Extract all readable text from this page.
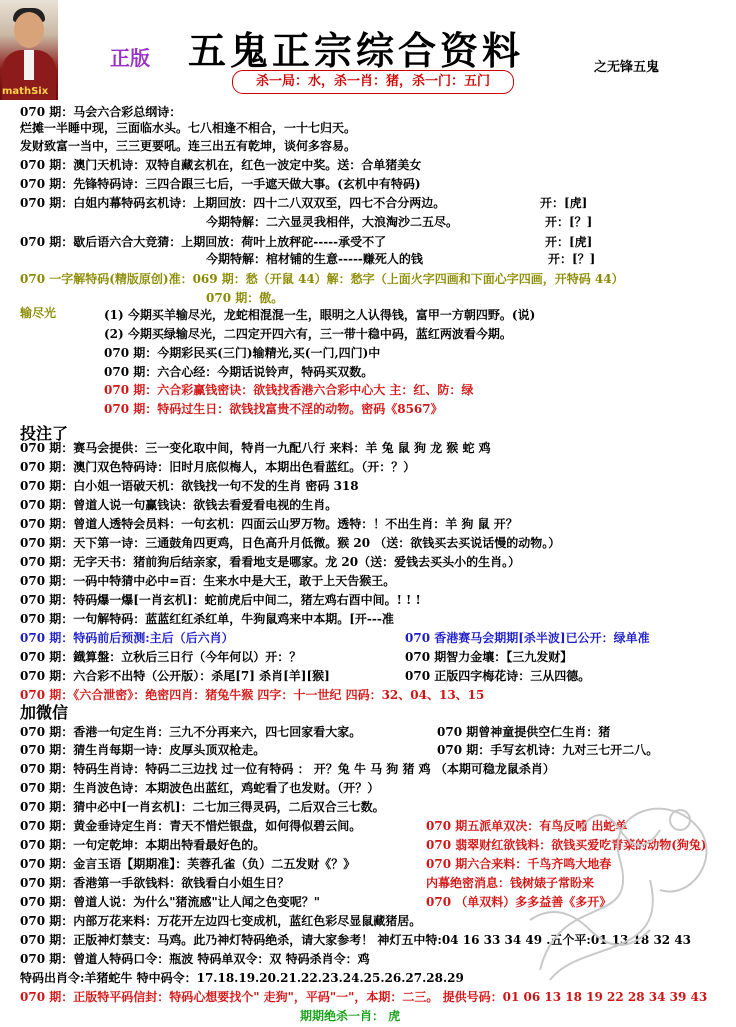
mathSix
正版 五鬼正宗综合资料	之无锋五鬼
杀一局：水，杀一肖：猪，杀一门：五门
070 期：马会六合彩总纲诗：
烂摊一半睡中现，三面临水头。七八相逢不相合，一十七归天。
发财致富一当中，三三更要吼。连三出五有乾坤，谈何多容易。
070 期：澳门天机诗：双特自藏玄机在，红色一波定中奖。送：合单猪美女
070 期：先锋特码诗：三四合跟三七后，一手遮天做大事。(玄机中有特码)
070 期：白姐内幕特码玄机诗：上期回放：四十二八双双至，四七不合分两边。	开：[虎]
今期特解：二六显灵我相伴，大浪淘沙二五尽。	开：[？]
070 期：歇后语六合大竞猜：上期回放：荷叶上放秤砣-----承受不了	开：[虎]
今期特解：棺材铺的生意-----赚死人的钱	开：[？]
070 一字解特码(精版原创)准：069 期：愁（开鼠 44）解：愁字（上面火字四画和下面心字四画，开特码 44）
070 期：傲。
输尽光	(1) 今期买羊输尽光，龙蛇相混混一生，眼明之人认得钱，富甲一方朝四野。(说)
(2) 今期买绿输尽光，二四定开四六有，三一带十稳中码，蓝红两波看今期。
070 期：今期彩民买(三门)输精光,买(一门,四门)中
070 期：六合心经：今期话说铃声，特码买双数。
070 期：六合彩赢钱密诀：欲钱找香港六合彩中心大 主：红、防：绿
070 期：特码过生日：欲钱找富贵不淫的动物。密码《8567》
投注了
070 期：赛马会提供：三一变化取中间，特肖一九配八行 来料：羊 兔 鼠 狗 龙 猴 蛇 鸡
070 期：澳门双色特码诗：旧时月底似梅人，本期出色看蓝红。（开：？）
070 期：白小姐一语破天机：欲钱找一句不发的生肖 密码 318
070 期：曾道人说一句赢钱诀：欲钱去看爱看电视的生肖。
070 期：曾道人透特会员料：一句玄机：四面云山罗万物。透特：！不出生肖：羊 狗 鼠 开？
070 期：天下第一诗：三通鼓角四更鸡，日色高升月低微。猴 20 （送：欲钱买去买说话慢的动物。）
070 期：无字天书：猪前狗后结亲家，看看地支是哪家。龙 20（送：爱钱去买头小的生肖。）
070 期：一码中特猜中必中=百：生来水中是大王，敢于上天告猴王。
070 期：特码爆一爆[一肖玄机]：蛇前虎后中间二，猪左鸡右酉中间。! ! !
070 期：一句解特码：蓝蓝红红杀红单，牛狗鼠鸡来中本期。[开---准
070 期：特码前后预测:主后（后六肖）	070 香港赛马会期期[杀半波]已公开：绿单准
070 期：鐡算盤：立秋后三日行（今年何以）开：？	070 期智力金壤：【三九发财】
070 期：六合彩不出特（公开版）：杀尾[7] 杀肖[羊][猴]	070 正版四字梅花诗：三从四德。
070 期：《六合泄密》：绝密四肖：猪兔牛猴 四字：十一世纪 四码：32、04、13、15
加微信
070 期：香港一句定生肖：三九不分再来六，四七回家看大家。	070 期曾神童提供空仁生肖：猪
070 期：猜生肖每期一诗：皮厚头顶双枪走。	070 期：手写玄机诗：九对三七开二八。
070 期：特码生肖诗：特码二三边找 过一位有特码 ： 开？兔 牛 马 狗 猪 鸡 （本期可稳龙鼠杀肖）
070 期：生肖波色诗：本期波色出蓝红，鸡蛇看了也发财。（开？）
070 期：猜中必中[一肖玄机]：二七加三得灵码，二后双合三七数。
070 期：黄金垂诗定生肖：青天不惜烂银盘，如何得似碧云间。	070 期五派单双决：有鸟反哺 出蛇单
070 期：一句定乾坤：本期出特看最好色的。	070 翡翠财红欲钱料：欲钱买爱吃青菜的动物(狗兔)
070 期：金言玉语【期期准】：芙蓉孔雀（负）二五发财《？》	070 期六合来料：千鸟齐鸣大地春
070 期：香港第一手欲钱料：欲钱看白小姐生日？	内幕绝密消息：钱树婊子常盼来
070 期：曾道人说：为什么"猪流感"让人闻之色变呢？"	070 （单双料）多多益善《多开》
070 期：内部万花来料：万花开左边四七变成机，蓝红色彩尽显鼠藏猪居。
070 期：正版神灯禁支：马鸡。此乃神灯特码绝杀，请大家参考！ 神灯五中特:04 16 33 34 49 .五个平:01 13 18 32 43
070 期：曾道人特码口令：瓶波 特码单双令：双 特码杀肖令：鸡
特码出肖令:羊猪蛇牛 特中码令：17.18.19.20.21.22.23.24.25.26.27.28.29
070 期：正版特平码信封：特码心想要找个" 走狗"，平码"一"，本期：二三。 提供号码：01 06 13 18 19 22 28 34 39 43
期期绝杀一肖： 虎
